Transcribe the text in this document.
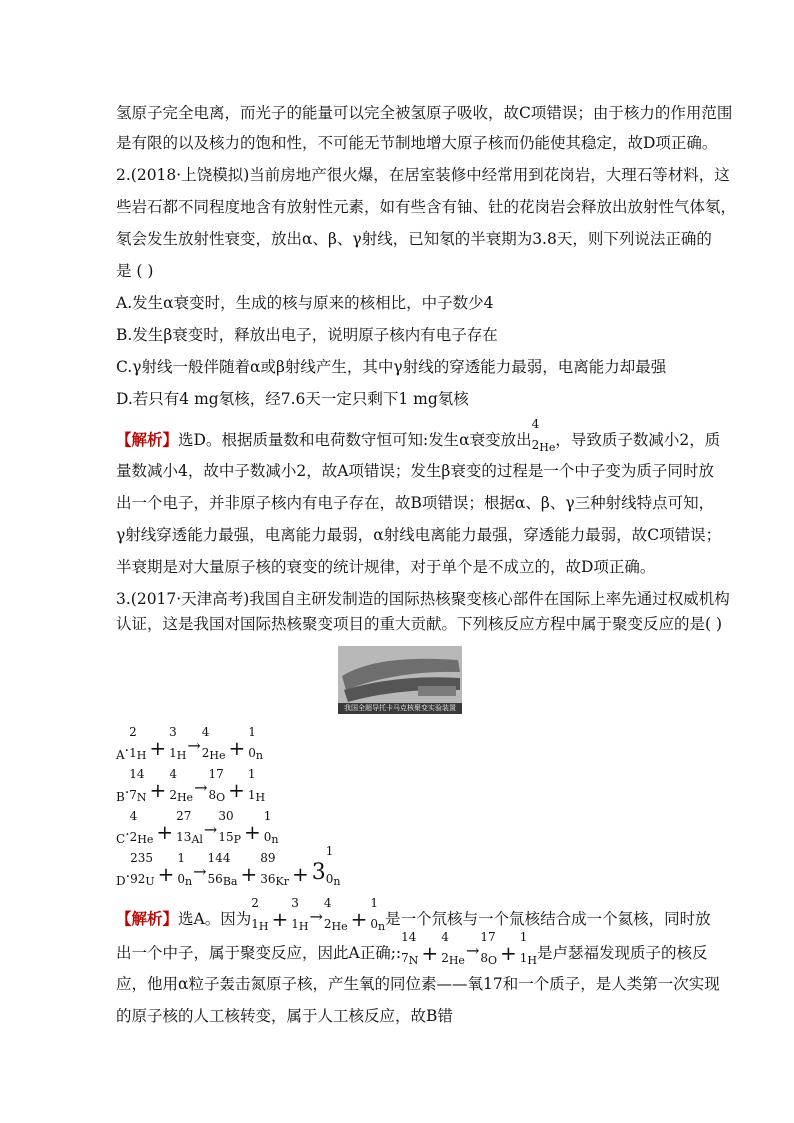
氢原子完全电离，而光子的能量可以完全被氢原子吸收，故C项错误；由于核力的作用范围
是有限的以及核力的饱和性，不可能无节制地增大原子核而仍能使其稳定，故D项正确。
2.(2018·上饶模拟)当前房地产很火爆，在居室装修中经常用到花岗岩，大理石等材料，这
些岩石都不同程度地含有放射性元素，如有些含有铀、钍的花岗岩会释放出放射性气体氡，
氡会发生放射性衰变，放出α、β、γ射线，已知氡的半衰期为3.8天，则下列说法正确的
是 ( )
A.发生α衰变时，生成的核与原来的核相比，中子数少4
B.发生β衰变时，释放出电子，说明原子核内有电子存在
C.γ射线一般伴随着α或β射线产生，其中γ射线的穿透能力最弱，电离能力却最强
D.若只有4 mg氡核，经7.6天一定只剩下1 mg氡核
【解析】选D。根据质量数和电荷数守恒可知:发生α衰变放出
4
$_{2He}$，导致质子数减小2，质
量数减小4，故中子数减小2，故A项错误；发生β衰变的过程是一个中子变为质子同时放
出一个电子，并非原子核内有电子存在，故B项错误；根据α、β、γ三种射线特点可知，
γ射线穿透能力最强，电离能力最弱，α射线电离能力最强，穿透能力最弱，故C项错误；
半衰期是对大量原子核的衰变的统计规律，对于单个是不成立的，故D项正确。
3.(2017·天津高考)我国自主研发制造的国际热核聚变核心部件在国际上率先通过权威机构
认证，这是我国对国际热核聚变项目的重大贡献。下列核反应方程中属于聚变反应的是( )
我国全超导托卡马克核聚变实验装置
A·
2
$1_H$ +
3
$1_H\to$
4
$2_{He}$ +
1
$0_n$
B·
14
$7_N$ +
4
$2_{He}\to$
17
$8_O$ +
1
$1_H$
C·
4
$2_{He}$ +
27
$13_{Al}\to$
30
$15_P$ +
1
$0_n$
D·
235
$92_U$ +
1
$0_n\to$
144
$56_{Ba}$ +
89
$36_{Kr} + 3$
1
$0_n$
【解析】选A。因为
2
$_{1H}$ +
3
$_{1H}$→
4
$_{2He}$ +
1
$_{0n}$是一个氘核与一个氚核结合成一个氦核，同时放
出一个中子，属于聚变反应，因此A正确;:
14
$_{7N}$ +
4
$_{2He}$→
17
$_{8O}$ +
1
$_{1H}$是卢瑟福发现质子的核反
应，他用α粒子轰击氮原子核，产生氧的同位素——氧17和一个质子，是人类第一次实现
的原子核的人工核转变，属于人工核反应，故B错
